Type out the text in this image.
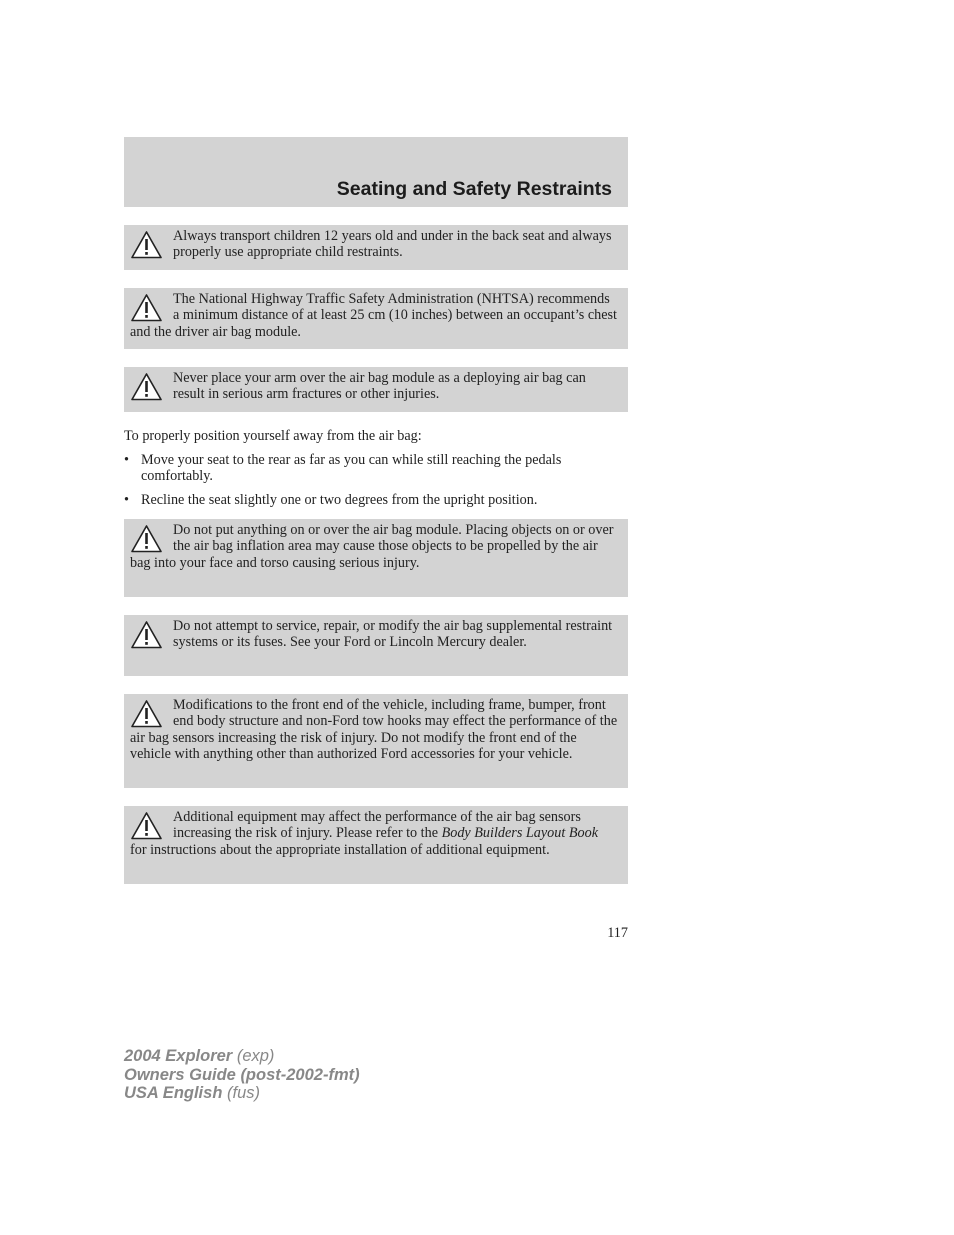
Seating and Safety Restraints

Always transport children 12 years old and under in the back seat and always properly use appropriate child restraints.

The National Highway Traffic Safety Administration (NHTSA) recommends a minimum distance of at least 25 cm (10 inches) between an occupant’s chest and the driver air bag module.

Never place your arm over the air bag module as a deploying air bag can result in serious arm fractures or other injuries.

To properly position yourself away from the air bag:

• Move your seat to the rear as far as you can while still reaching the pedals comfortably.
• Recline the seat slightly one or two degrees from the upright position.

Do not put anything on or over the air bag module. Placing objects on or over the air bag inflation area may cause those objects to be propelled by the air bag into your face and torso causing serious injury.

Do not attempt to service, repair, or modify the air bag supplemental restraint systems or its fuses. See your Ford or Lincoln Mercury dealer.

Modifications to the front end of the vehicle, including frame, bumper, front end body structure and non-Ford tow hooks may effect the performance of the air bag sensors increasing the risk of injury. Do not modify the front end of the vehicle with anything other than authorized Ford accessories for your vehicle.

Additional equipment may affect the performance of the air bag sensors increasing the risk of injury. Please refer to the Body Builders Layout Book for instructions about the appropriate installation of additional equipment.

117
2004 Explorer (exp)
Owners Guide (post-2002-fmt)
USA English (fus)
